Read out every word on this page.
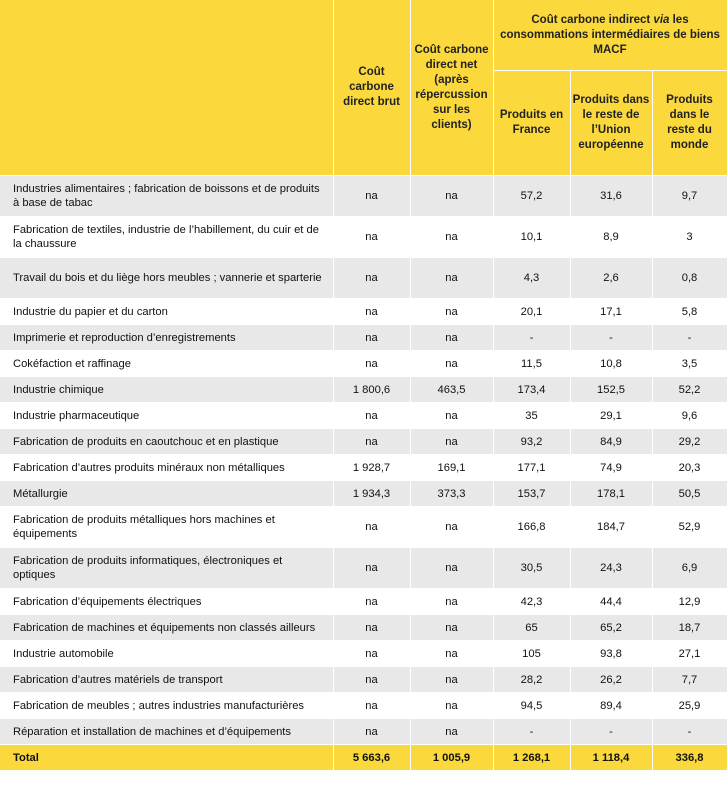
	Coût carbone direct brut	Coût carbone direct net (après répercussion sur les clients)	Coût carbone indirect via les consommations intermédiaires de biens MACF		
			Produits en France	Produits dans le reste de l’Union européenne	Produits dans le reste du monde
Industries alimentaires ; fabrication de boissons et de produits à base de tabac	na	na	57,2	31,6	9,7
Fabrication de textiles, industrie de l’habillement, du cuir et de la chaussure	na	na	10,1	8,9	3
Travail du bois et du liège hors meubles ; vannerie et sparterie	na	na	4,3	2,6	0,8
Industrie du papier et du carton	na	na	20,1	17,1	5,8
Imprimerie et reproduction d’enregistrements	na	na	-	-	-
Cokéfaction et raffinage	na	na	11,5	10,8	3,5
Industrie chimique	1 800,6	463,5	173,4	152,5	52,2
Industrie pharmaceutique	na	na	35	29,1	9,6
Fabrication de produits en caoutchouc et en plastique	na	na	93,2	84,9	29,2
Fabrication d’autres produits minéraux non métalliques	1 928,7	169,1	177,1	74,9	20,3
Métallurgie	1 934,3	373,3	153,7	178,1	50,5
Fabrication de produits métalliques hors machines et équipements	na	na	166,8	184,7	52,9
Fabrication de produits informatiques, électroniques et optiques	na	na	30,5	24,3	6,9
Fabrication d’équipements électriques	na	na	42,3	44,4	12,9
Fabrication de machines et équipements non classés ailleurs	na	na	65	65,2	18,7
Industrie automobile	na	na	105	93,8	27,1
Fabrication d’autres matériels de transport	na	na	28,2	26,2	7,7
Fabrication de meubles ; autres industries manufacturières	na	na	94,5	89,4	25,9
Réparation et installation de machines et d’équipements	na	na	-	-	-
Total	5 663,6	1 005,9	1 268,1	1 118,4	336,8
